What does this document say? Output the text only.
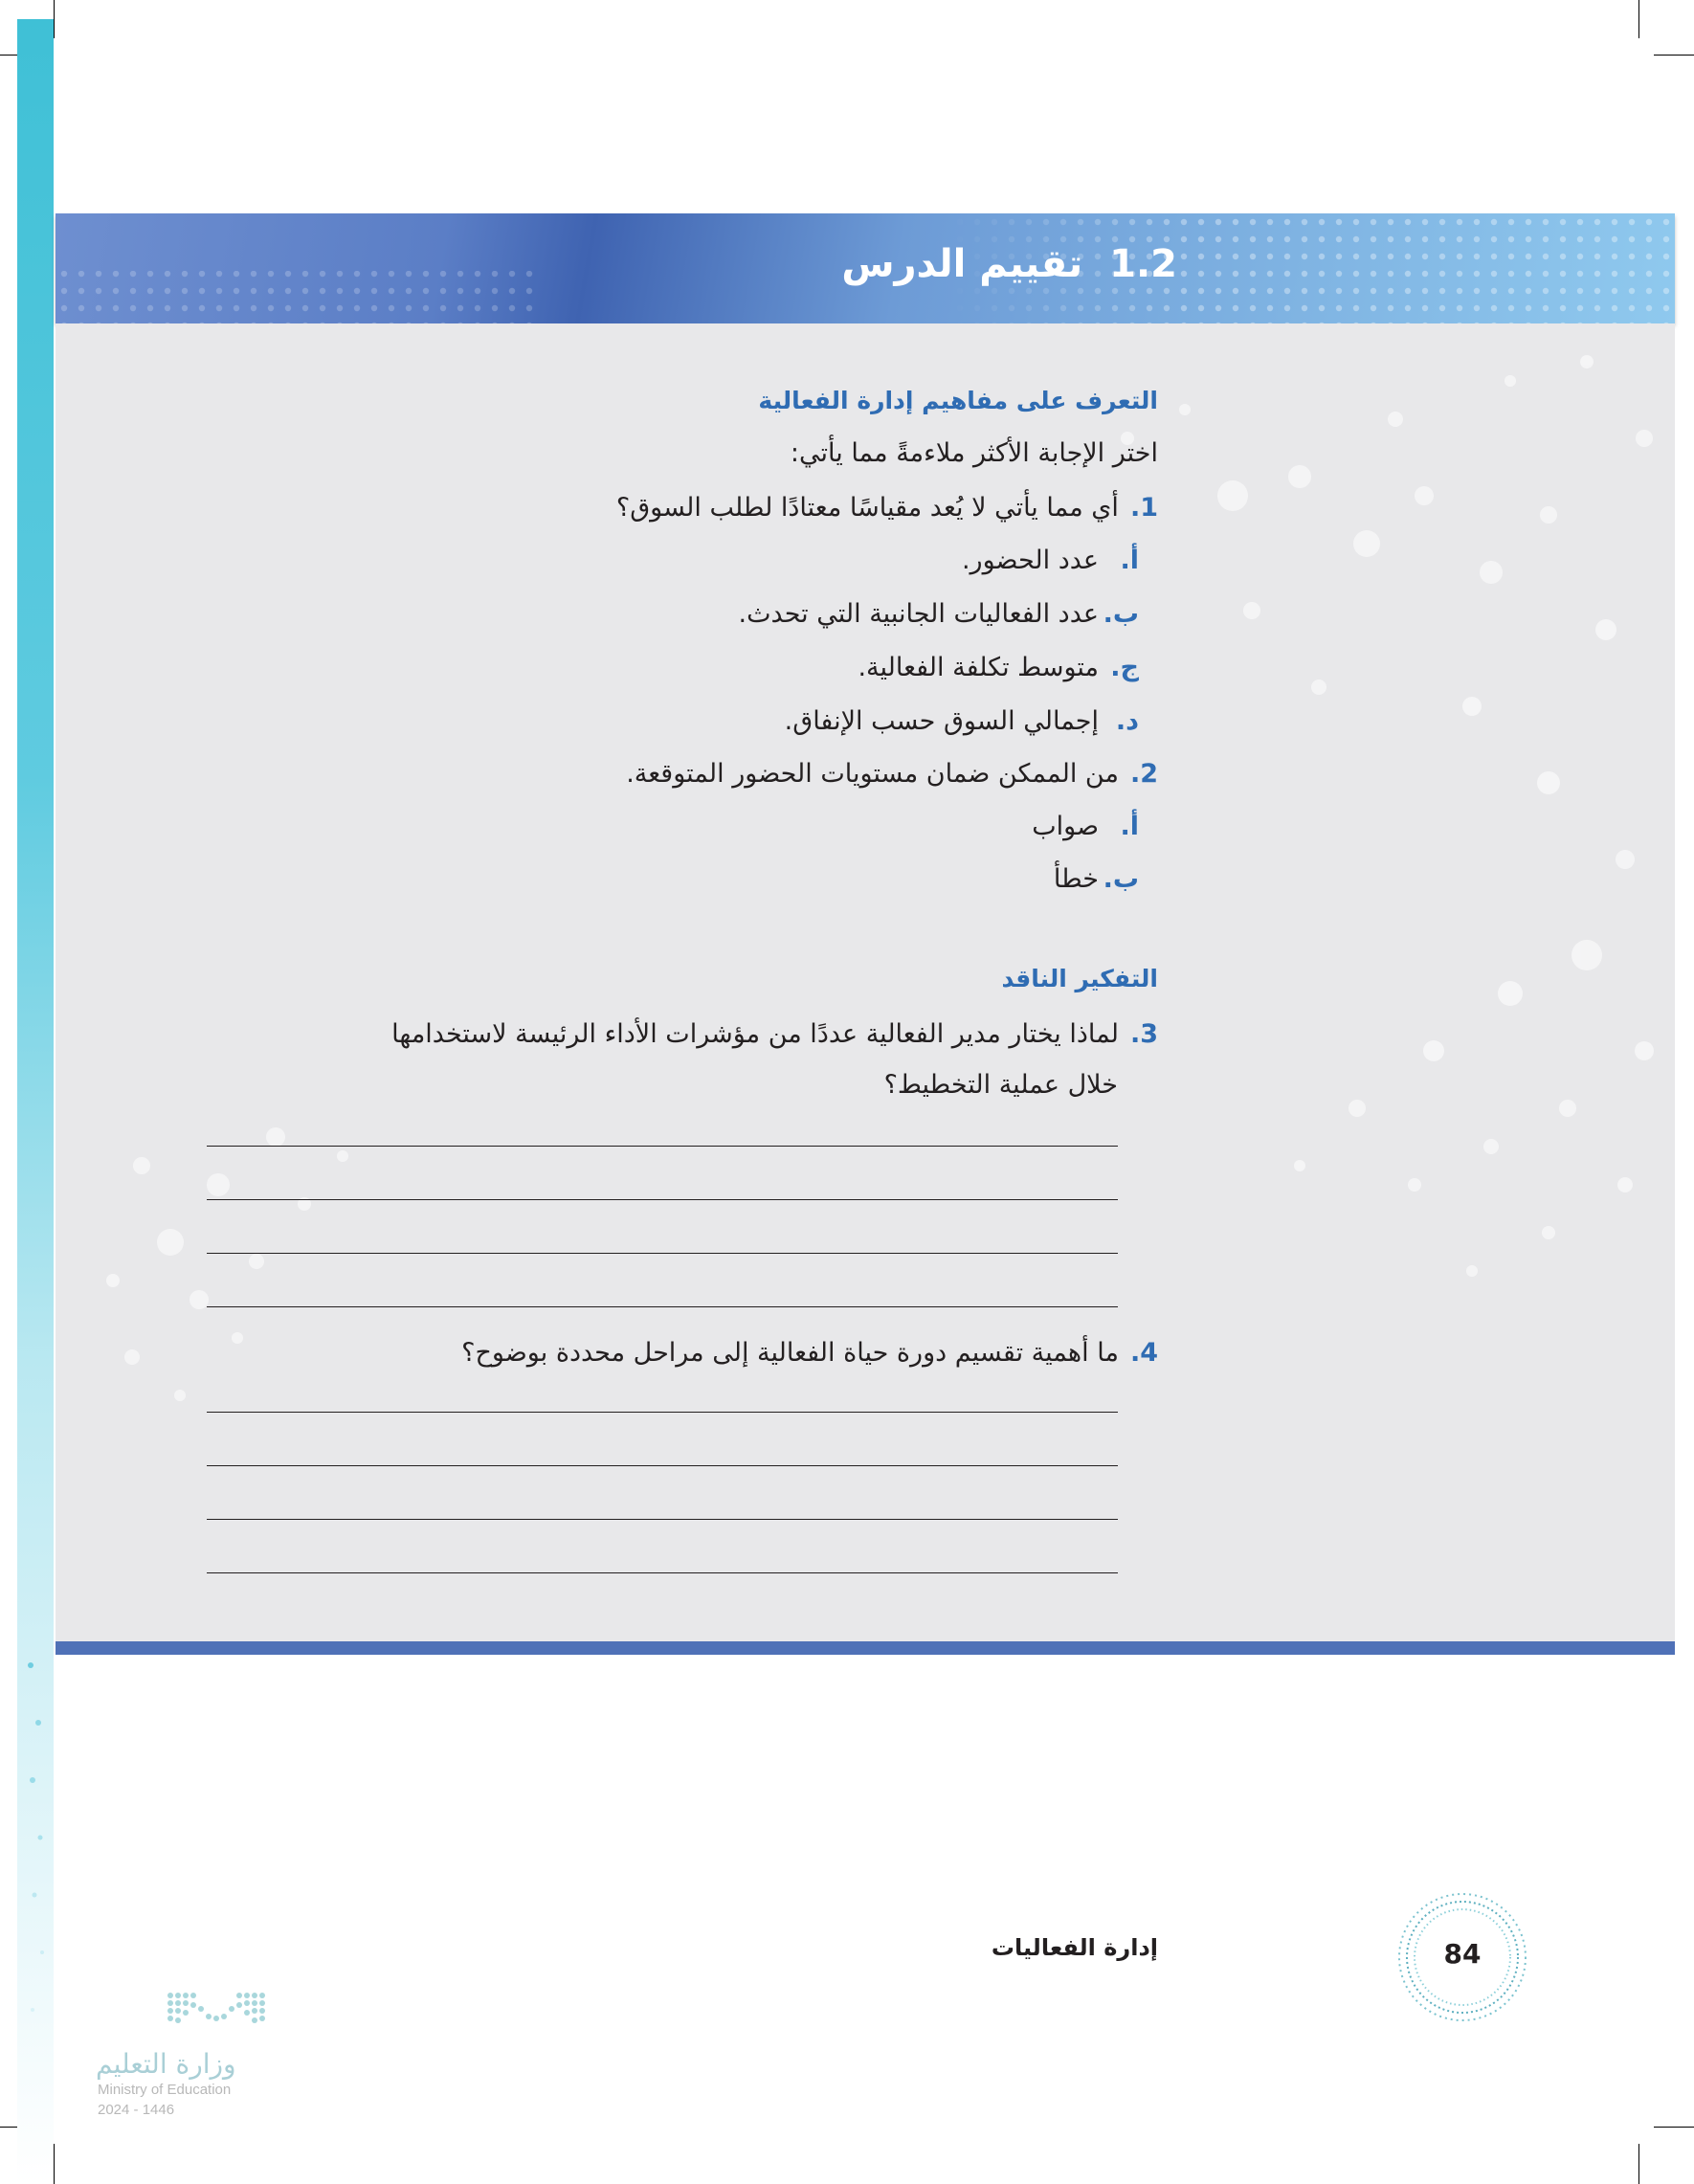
1.2تقييم الدرس
التعرف على مفاهيم إدارة الفعالية
اختر الإجابة الأكثر ملاءمةً مما يأتي:
1.أي مما يأتي لا يُعد مقياسًا معتادًا لطلب السوق؟
أ.عدد الحضور.
ب.عدد الفعاليات الجانبية التي تحدث.
ج.متوسط تكلفة الفعالية.
د.إجمالي السوق حسب الإنفاق.
2.من الممكن ضمان مستويات الحضور المتوقعة.
أ.صواب
ب.خطأ
التفكير الناقد
3.لماذا يختار مدير الفعالية عددًا من مؤشرات الأداء الرئيسة لاستخدامها
خلال عملية التخطيط؟
4.ما أهمية تقسيم دورة حياة الفعالية إلى مراحل محددة بوضوح؟
إدارة الفعاليات	84
وزارة التعليم
Ministry of Education
2024 - 1446
